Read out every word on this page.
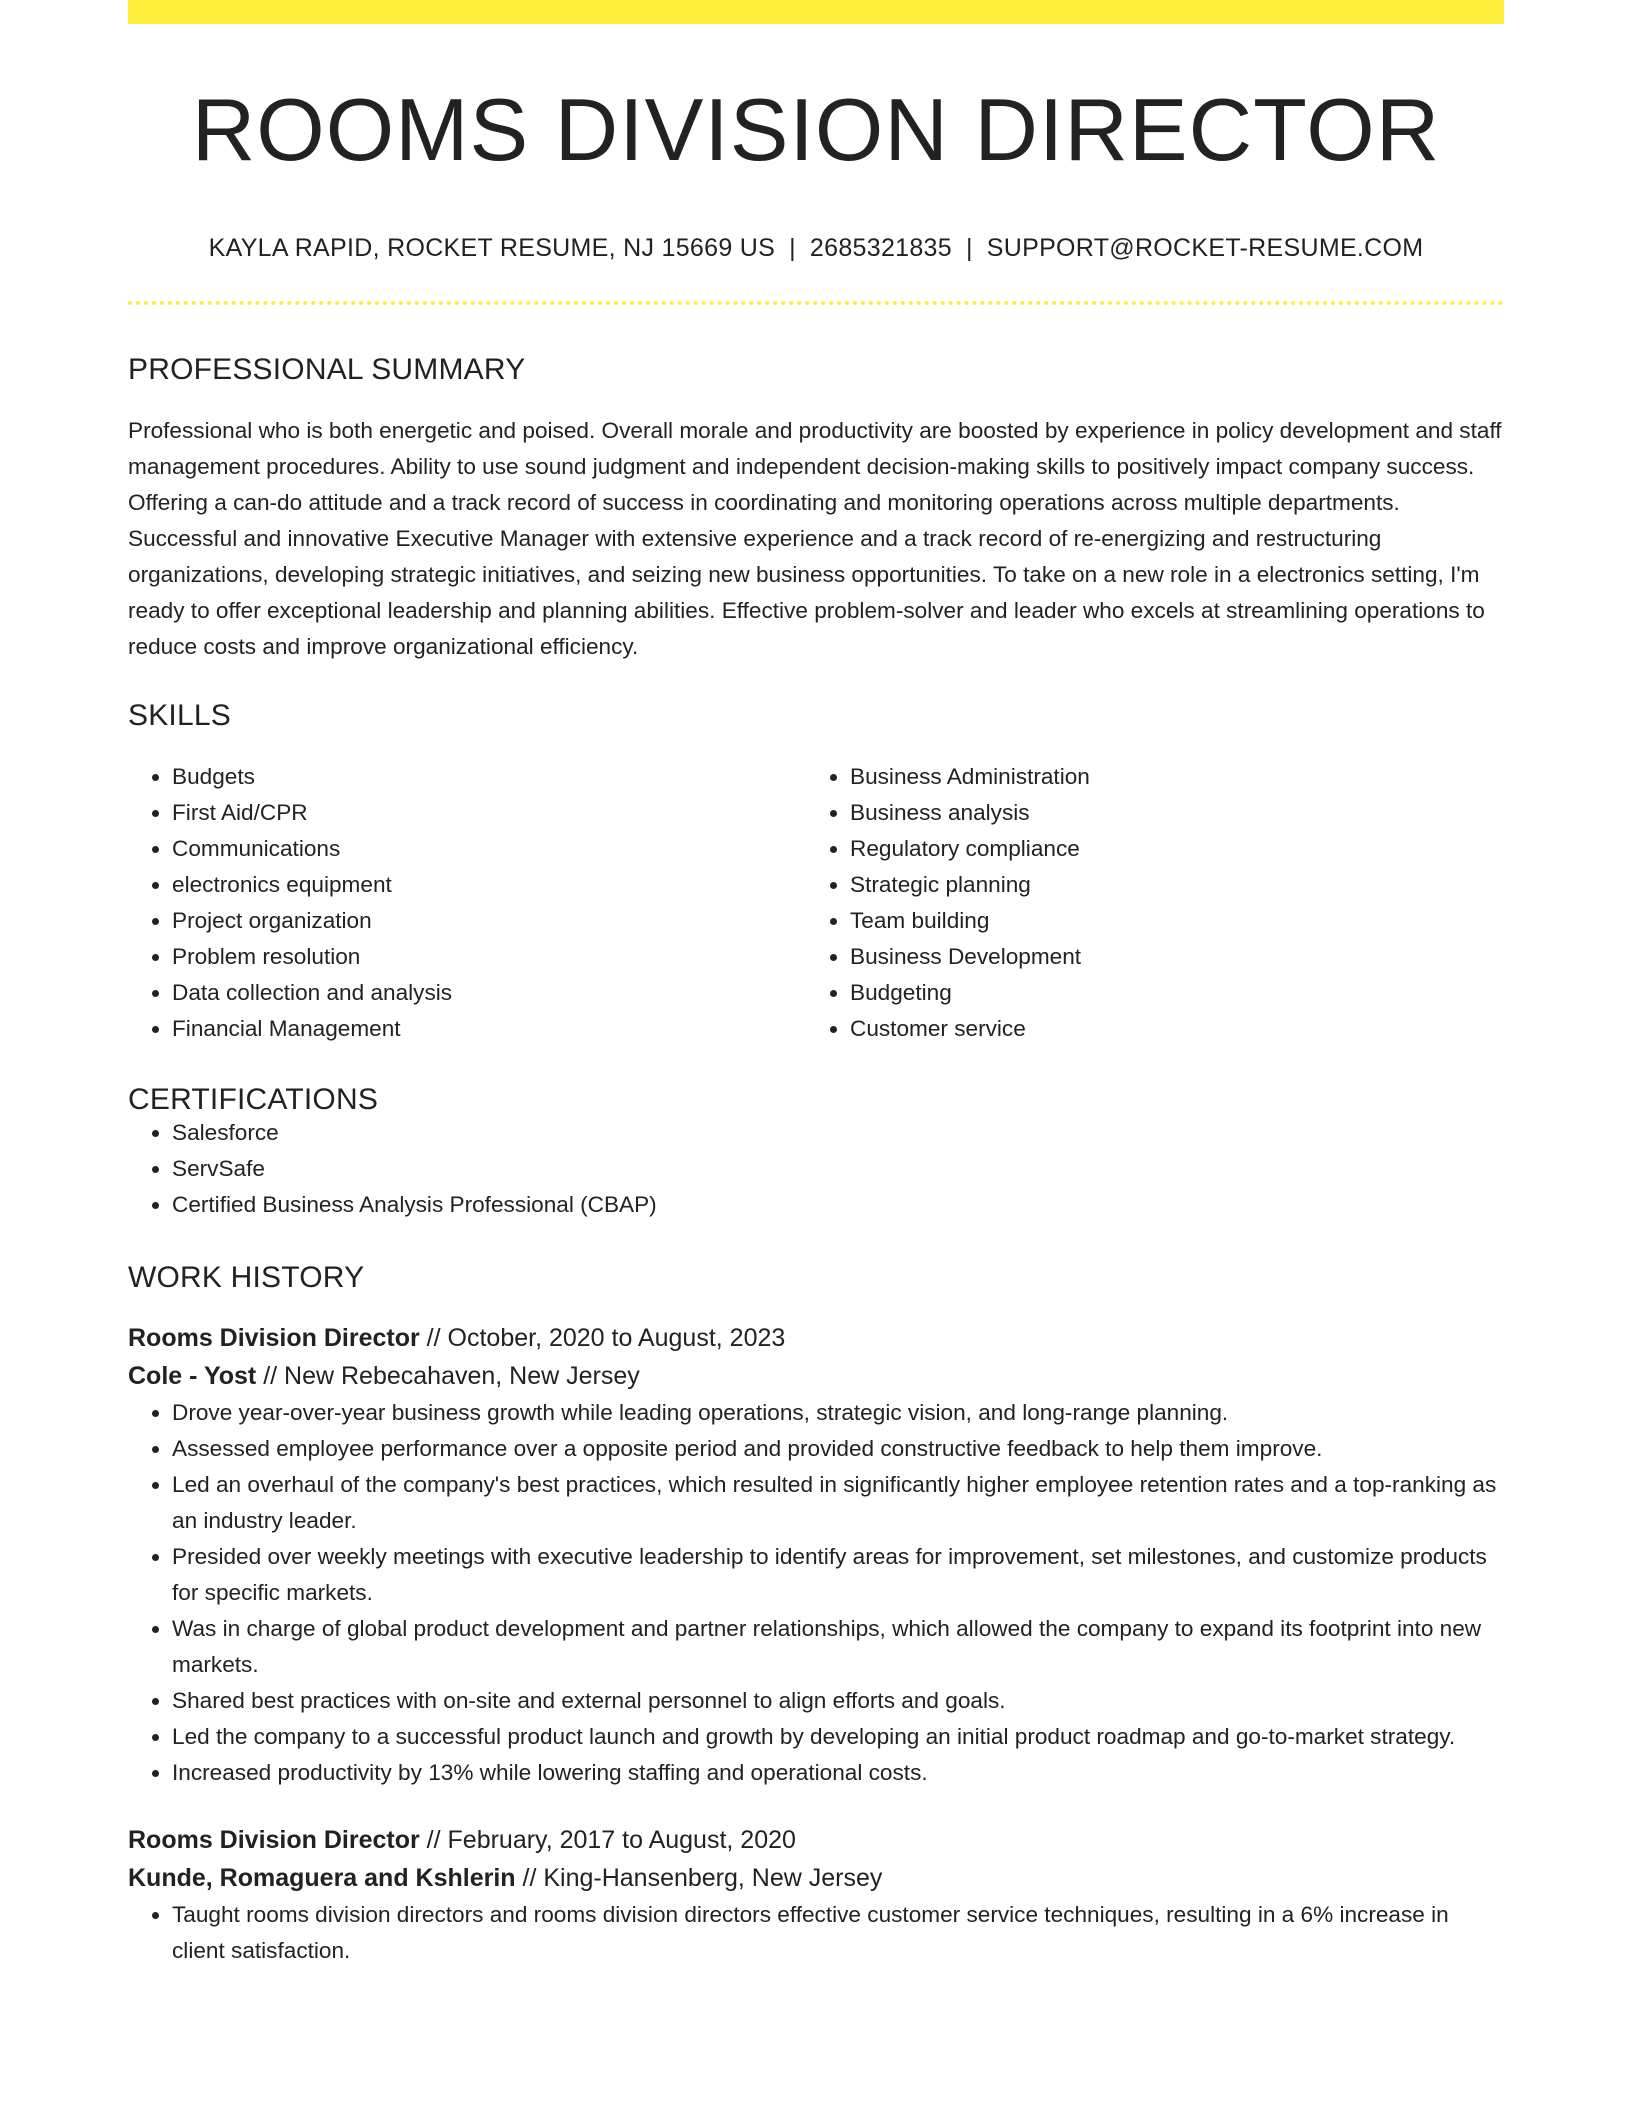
ROOMS DIVISION DIRECTOR
KAYLA RAPID, ROCKET RESUME, NJ 15669 US | 2685321835 | SUPPORT@ROCKET-RESUME.COM
PROFESSIONAL SUMMARY

Professional who is both energetic and poised. Overall morale and productivity are boosted by experience in policy development and staff management procedures. Ability to use sound judgment and independent decision-making skills to positively impact company success. Offering a can-do attitude and a track record of success in coordinating and monitoring operations across multiple departments. Successful and innovative Executive Manager with extensive experience and a track record of re-energizing and restructuring organizations, developing strategic initiatives, and seizing new business opportunities. To take on a new role in a electronics setting, I'm ready to offer exceptional leadership and planning abilities. Effective problem-solver and leader who excels at streamlining operations to reduce costs and improve organizational efficiency.

SKILLS
• Budgets
• First Aid/CPR
• Communications
• electronics equipment
• Project organization
• Problem resolution
• Data collection and analysis
• Financial Management
• Business Administration
• Business analysis
• Regulatory compliance
• Strategic planning
• Team building
• Business Development
• Budgeting
• Customer service
CERTIFICATIONS
• Salesforce
• ServSafe
• Certified Business Analysis Professional (CBAP)
WORK HISTORY
Rooms Division Director // October, 2020 to August, 2023
Cole - Yost // New Rebecahaven, New Jersey
• Drove year-over-year business growth while leading operations, strategic vision, and long-range planning.
• Assessed employee performance over a opposite period and provided constructive feedback to help them improve.
• Led an overhaul of the company's best practices, which resulted in significantly higher employee retention rates and a top-ranking as an industry leader.
• Presided over weekly meetings with executive leadership to identify areas for improvement, set milestones, and customize products for specific markets.
• Was in charge of global product development and partner relationships, which allowed the company to expand its footprint into new markets.
• Shared best practices with on-site and external personnel to align efforts and goals.
• Led the company to a successful product launch and growth by developing an initial product roadmap and go-to-market strategy.
• Increased productivity by 13% while lowering staffing and operational costs.
Rooms Division Director // February, 2017 to August, 2020
Kunde, Romaguera and Kshlerin // King-Hansenberg, New Jersey
• Taught rooms division directors and rooms division directors effective customer service techniques, resulting in a 6% increase in client satisfaction.
